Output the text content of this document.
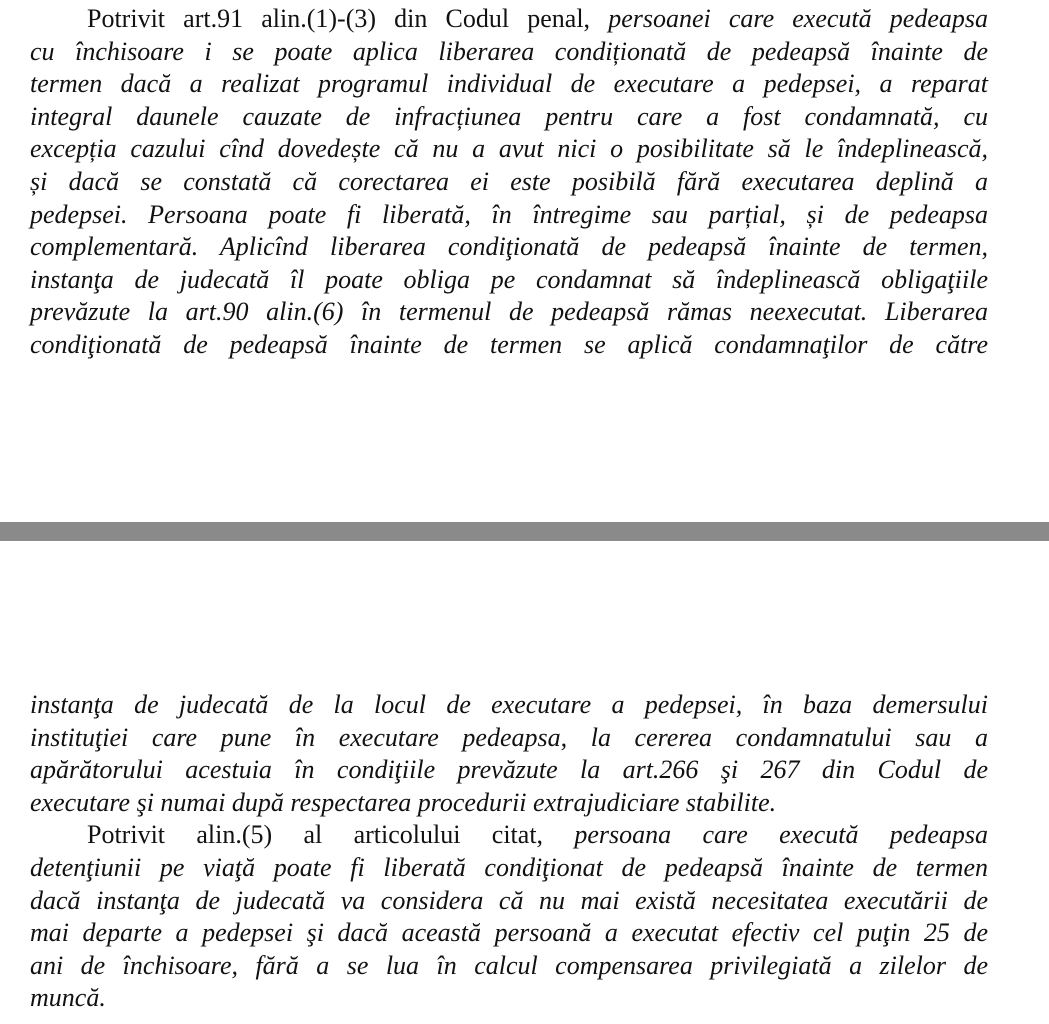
Potrivit art.91 alin.(1)-(3) din Codul penal, persoanei care execută pedeapsa
cu închisoare i se poate aplica liberarea condiționată de pedeapsă înainte de
termen dacă a realizat programul individual de executare a pedepsei, a reparat
integral daunele cauzate de infracțiunea pentru care a fost condamnată, cu
excepția cazului cînd dovedește că nu a avut nici o posibilitate să le îndeplinească,
și dacă se constată că corectarea ei este posibilă fără executarea deplină a
pedepsei. Persoana poate fi liberată, în întregime sau parțial, și de pedeapsa
complementară. Aplicînd liberarea condiţionată de pedeapsă înainte de termen,
instanţa de judecată îl poate obliga pe condamnat să îndeplinească obligaţiile
prevăzute la art.90 alin.(6) în termenul de pedeapsă rămas neexecutat. Liberarea
condiţionată de pedeapsă înainte de termen se aplică condamnaţilor de către
instanţa de judecată de la locul de executare a pedepsei, în baza demersului
instituţiei care pune în executare pedeapsa, la cererea condamnatului sau a
apărătorului acestuia în condiţiile prevăzute la art.266 şi 267 din Codul de
executare şi numai după respectarea procedurii extrajudiciare stabilite.
Potrivit alin.(5) al articolului citat, persoana care execută pedeapsa
detenţiunii pe viaţă poate fi liberată condiţionat de pedeapsă înainte de termen
dacă instanţa de judecată va considera că nu mai există necesitatea executării de
mai departe a pedepsei şi dacă această persoană a executat efectiv cel puţin 25 de
ani de închisoare, fără a se lua în calcul compensarea privilegiată a zilelor de
muncă.
